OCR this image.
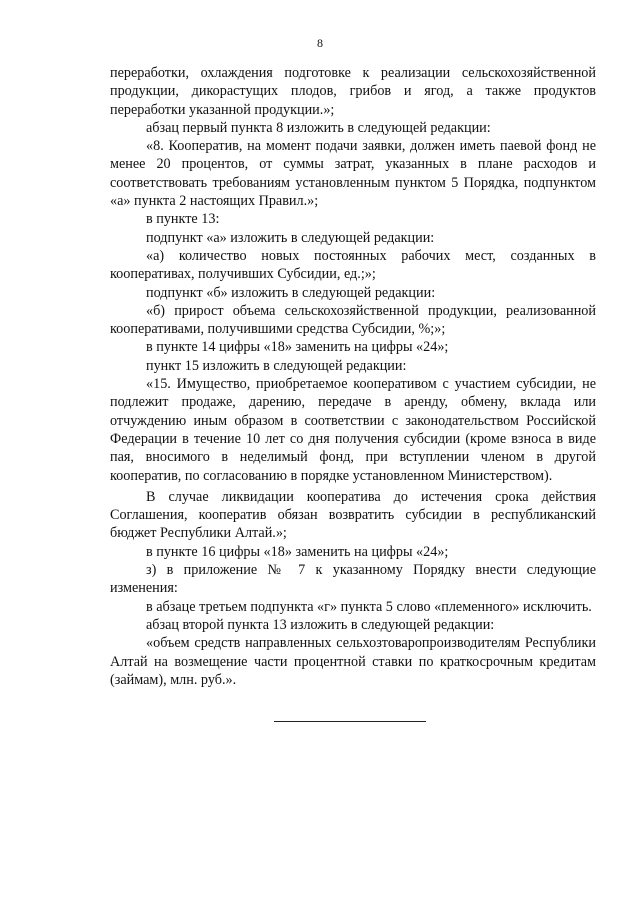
8

переработки, охлаждения подготовке к реализации сельскохозяйственной продукции, дикорастущих плодов, грибов и ягод, а также продуктов переработки указанной продукции.»;

абзац первый пункта 8 изложить в следующей редакции:

«8. Кооператив, на момент подачи заявки, должен иметь паевой фонд не менее 20 процентов, от суммы затрат, указанных в плане расходов и соответствовать требованиям установленным пунктом 5 Порядка, подпунктом «а» пункта 2 настоящих Правил.»;

в пункте 13:

подпункт «а» изложить в следующей редакции:

«а) количество новых постоянных рабочих мест, созданных в кооперативах, получивших Субсидии, ед.;»;

подпункт «б» изложить в следующей редакции:

«б) прирост объема сельскохозяйственной продукции, реализованной кооперативами, получившими средства Субсидии, %;»;

в пункте 14 цифры «18» заменить на цифры «24»;

пункт 15 изложить в следующей редакции:

«15. Имущество, приобретаемое кооперативом с участием субсидии, не подлежит продаже, дарению, передаче в аренду, обмену, вклада или отчуждению иным образом в соответствии с законодательством Российской Федерации в течение 10 лет со дня получения субсидии (кроме взноса в виде пая, вносимого в неделимый фонд, при вступлении членом в другой кооператив, по согласованию в порядке установленном Министерством).

В случае ликвидации кооператива до истечения срока действия Соглашения, кооператив обязан возвратить субсидии в республиканский бюджет Республики Алтай.»;

в пункте 16 цифры «18» заменить на цифры «24»;

з) в приложение № 7 к указанному Порядку внести следующие изменения:

в абзаце третьем подпункта «г» пункта 5 слово «племенного» исключить.

абзац второй пункта 13 изложить в следующей редакции:

«объем средств направленных сельхозтоваропроизводителям Республики Алтай на возмещение части процентной ставки по краткосрочным кредитам (займам), млн. руб.».
